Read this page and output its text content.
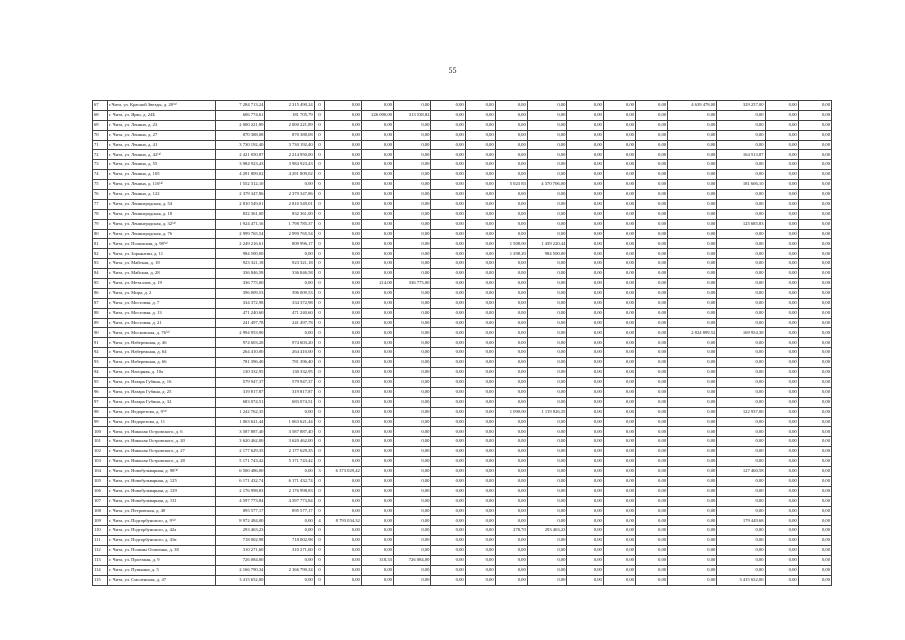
55
67	г.Чита, ул. Красной Звезды, д. 20⁽⁴⁾	7 284 713,24	2 315 490,24	0	0,00	0,00	0,00	0,00	0,00	0,00	0,00	0,00	0,00	0,00	4 639 478,00	329 257,00	0,00	0,00
68	г. Чита, ул. Ярко, д. 24Б	606 774,61	181 705,79	0	0,00	226 000,00	313 538,82	0,00	0,00	0,00	0,00	0,00	0,00	0,00	0,00	0,00	0,00	0,00
69	г. Чита, ул. Ленина, д. 23	2 000 221,89	2 000 221,89	0	0,00	0,00	0,00	0,00	0,00	0,00	0,00	0,00	0,00	0,00	0,00	0,00	0,00	0,00
70	г. Чита, ул. Ленина, д. 27	870 388,08	870 388,08	0	0,00	0,00	0,00	0,00	0,00	0,00	0,00	0,00	0,00	0,00	0,00	0,00	0,00	0,00
71	г. Чита, ул. Ленина, д. 41	3 730 192,40	3 730 192,40	0	0,00	0,00	0,00	0,00	0,00	0,00	0,00	0,00	0,00	0,00	0,00	0,00	0,00	0,00
72	г. Чита, ул. Ленина, д. 42⁽⁴⁾	2 421 050,87	2 214 950,00	0	0,00	0,00	0,00	0,00	0,00	0,00	0,00	0,00	0,00	0,00	0,00	164 513,87	0,00	0,00
73	г. Чита, ул. Ленина, д. 55	3 984 923,43	3 984 923,43	0	0,00	0,00	0,00	0,00	0,00	0,00	0,00	0,00	0,00	0,00	0,00	0,00	0,00	0,00
74	г. Чита, ул. Ленина, д. 105	4 291 809,02	4 291 809,02	0	0,00	0,00	0,00	0,00	0,00	0,00	0,00	0,00	0,00	0,00	0,00	0,00	0,00	0,00
75	г. Чита, ул. Ленина, д. 116⁽⁴⁾	1 552 312,10	0,00	0	0,00	0,00	0,00	0,00	0,00	5 023 83	4 370 706,00	0,00	0,00	0,00	0,00	181 606,10	0,00	0,00
76	г. Чита, ул. Ленина, д. 122	2 379 347,86	2 379 347,86	0	0,00	0,00	0,00	0,00	0,00	0,00	0,00	0,00	0,00	0,00	0,00	0,00	0,00	0,00
77	г. Чита, ул. Ленинградская, д. 54	2 810 549,01	2 810 549,01	0	0,00	0,00	0,00	0,00	0,00	0,00	0,00	0,00	0,00	0,00	0,00	0,00	0,00	0,00
78	г. Чита, ул. Ленинградская, д. 18	832 361,00	832 361,00	0	0,00	0,00	0,00	0,00	0,00	0,00	0,00	0,00	0,00	0,00	0,00	0,00	0,00	0,00
79	г. Чита, ул. Ленинградская, д. 32⁽⁴⁾	1 924 471,16	1 798 785,37	0	0,00	0,00	0,00	0,00	0,00	0,00	0,00	0,00	0,00	0,00	0,00	125 685,83	0,00	0,00
80	г. Чита, ул. Ленинградская, д. 76	2 999 765,54	2 999 765,54	0	0,00	0,00	0,00	0,00	0,00	0,00	0,00	0,00	0,00	0,00	0,00	0,00	0,00	0,00
81	г. Чита, ул. Полинская, д. 98⁽⁴⁾	2 249 216,61	809 996,17	0	0,00	0,00	0,00	0,00	0,00	1 508,00	1 439 220,44	0,00	0,00	0,00	0,00	0,00	0,00	0,00
82	г. Чита, ул. Зорьянтин, д. 11	984 500,00	0,00	0	0,00	0,00	0,00	0,00	0,00	1 298,20	984 500,00	0,00	0,00	0,00	0,00	0,00	0,00	0,00
83	г. Чита, ул. Майская, д. 18	923 321,18	923 321,18	0	0,00	0,00	0,00	0,00	0,00	0,00	0,00	0,00	0,00	0,00	0,00	0,00	0,00	0,00
84	г. Чита, ул. Майская, д. 28	336 846,58	336 846,58	0	0,00	0,00	0,00	0,00	0,00	0,00	0,00	0,00	0,00	0,00	0,00	0,00	0,00	0,00
85	г. Чита, ул. Металлов, д. 19	336 775,00	0,00	0	0,00	214,00	336 775,00	0,00	0,00	0,00	0,00	0,00	0,00	0,00	0,00	0,00	0,00	0,00
86	г. Чита, ул. Мира, д. 2	396 009,53	396 009,53	0	0,00	0,00	0,00	0,00	0,00	0,00	0,00	0,00	0,00	0,00	0,00	0,00	0,00	0,00
87	г. Чита, ул. Мостовая, д. 7	334 372,98	334 372,98	0	0,00	0,00	0,00	0,00	0,00	0,00	0,00	0,00	0,00	0,00	0,00	0,00	0,00	0,00
88	г. Чита, ул. Мостовая, д. 13	471 240,60	471 240,60	0	0,00	0,00	0,00	0,00	0,00	0,00	0,00	0,00	0,00	0,00	0,00	0,00	0,00	0,00
89	г. Чита, ул. Мостовая, д. 21	241 497,78	241 497,78	0	0,00	0,00	0,00	0,00	0,00	0,00	0,00	0,00	0,00	0,00	0,00	0,00	0,00	0,00
90	г. Чита, ул. Московская, д. 76⁽⁴⁾	2 994 953,90	0,00	0	0,00	0,00	0,00	0,00	0,00	0,00	0,00	0,00	0,00	0,00	2 824 899,52	169 954,38	0,00	0,00
91	г. Чита, ул. Набережная, д. 46	974 603,20	974 603,20	0	0,00	0,00	0,00	0,00	0,00	0,00	0,00	0,00	0,00	0,00	0,00	0,00	0,00	0,00
92	г. Чита, ул. Набережная, д. 64	264 410,00	264 410,00	0	0,00	0,00	0,00	0,00	0,00	0,00	0,00	0,00	0,00	0,00	0,00	0,00	0,00	0,00
93	г. Чита, ул. Набережная, д. 66	781 396,40	781 396,40	0	0,00	0,00	0,00	0,00	0,00	0,00	0,00	0,00	0,00	0,00	0,00	0,00	0,00	0,00
94	г. Чита, ул. Нагорная, д. 10а	130 332,95	130 332,95	0	0,00	0,00	0,00	0,00	0,00	0,00	0,00	0,00	0,00	0,00	0,00	0,00	0,00	0,00
95	г. Чита, ул. Назара Губина, д. 16	579 947,37	579 947,37	0	0,00	0,00	0,00	0,00	0,00	0,00	0,00	0,00	0,00	0,00	0,00	0,00	0,00	0,00
96	г. Чита, ул. Назара Губина, д. 25	319 817,87	319 817,87	0	0,00	0,00	0,00	0,00	0,00	0,00	0,00	0,00	0,00	0,00	0,00	0,00	0,00	0,00
97	г. Чита, ул. Назара Губина, д. 32	683 074,51	683 074,51	0	0,00	0,00	0,00	0,00	0,00	0,00	0,00	0,00	0,00	0,00	0,00	0,00	0,00	0,00
98	г. Чита, ул. Недорезова, д. 9⁽⁴⁾	1 242 762,35	0,00	0	0,00	0,00	0,00	0,00	0,00	1 090,00	1 119 826,35	0,00	0,00	0,00	0,00	122 937,00	0,00	0,00
99	г. Чита, ул. Недорезова, д. 11	1 063 621,44	1 063 621,44	0	0,00	0,00	0,00	0,00	0,00	0,00	0,00	0,00	0,00	0,00	0,00	0,00	0,00	0,00
100	г. Чита, ул. Николая Островского, д. 6	3 587 887,40	3 587 887,40	0	0,00	0,00	0,00	0,00	0,00	0,00	0,00	0,00	0,00	0,00	0,00	0,00	0,00	0,00
101	г. Чита, ул. Николая Островского, д. 20	3 620 462,00	3 620 462,00	0	0,00	0,00	0,00	0,00	0,00	0,00	0,00	0,00	0,00	0,00	0,00	0,00	0,00	0,00
102	г. Чита, ул. Николая Островского, д. 27	2 177 629,35	2 177 629,35	0	0,00	0,00	0,00	0,00	0,00	0,00	0,00	0,00	0,00	0,00	0,00	0,00	0,00	0,00
103	г. Чита, ул. Николая Островского, д. 28	5 171 743,42	5 171 743,42	0	0,00	0,00	0,00	0,00	0,00	0,00	0,00	0,00	0,00	0,00	0,00	0,00	0,00	0,00
104	г. Чита, ул. Новобульварная, д. 98⁽⁴⁾	6 500 486,00	0,00	3	6 373 029,42	0,00	0,00	0,00	0,00	0,00	0,00	0,00	0,00	0,00	0,00	127 460,58	0,00	0,00
105	г. Чита, ул. Новобульварная, д. 125	6 171 432,74	6 171 432,74	0	0,00	0,00	0,00	0,00	0,00	0,00	0,00	0,00	0,00	0,00	0,00	0,00	0,00	0,00
106	г. Чита, ул. Новобульварная, д. 129	2 176 998,83	2 176 998,83	0	0,00	0,00	0,00	0,00	0,00	0,00	0,00	0,00	0,00	0,00	0,00	0,00	0,00	0,00
107	г. Чита, ул. Новобульварная, д. 131	4 597 773,84	4 597 773,84	0	0,00	0,00	0,00	0,00	0,00	0,00	0,00	0,00	0,00	0,00	0,00	0,00	0,00	0,00
108	г. Чита, ул. Петровская, д. 40	895 577,17	895 577,17	0	0,00	0,00	0,00	0,00	0,00	0,00	0,00	0,00	0,00	0,00	0,00	0,00	0,00	0,00
109	г. Чита, ул. Подгорбунского, д. 9⁽⁴⁾	8 972 484,00	0,00	4	8 793 034,32	0,00	0,00	0,00	0,00	0,00	0,00	0,00	0,00	0,00	0,00	179 449,68	0,00	0,00
110	г. Чита, ул. Подгорбунского, д. 42а	293 463,23	0,00	0	0,00	0,00	0,00	0,00	0,00	278,70	293 463,23	0,00	0,00	0,00	0,00	0,00	0,00	0,00
111	г. Чита, ул. Подгорбунского, д. 41в	718 002,98	718 002,98	0	0,00	0,00	0,00	0,00	0,00	0,00	0,00	0,00	0,00	0,00	0,00	0,00	0,00	0,00
112	г. Чита, ул. Полины Осипенко, д. 38	310 271,60	310 271,60	0	0,00	0,00	0,00	0,00	0,00	0,00	0,00	0,00	0,00	0,00	0,00	0,00	0,00	0,00
113	г. Чита, ул. Проезжая, д. 9	726 084,00	0,00	0	0,00	318,33	726 084,00	0,00	0,00	0,00	0,00	0,00	0,00	0,00	0,00	0,00	0,00	0,00
114	г. Чита, ул. Пушкина, д. 5	2 166 790,34	2 166 790,34	0	0,00	0,00	0,00	0,00	0,00	0,00	0,00	0,00	0,00	0,00	0,00	0,00	0,00	0,00
115	г. Чита, ул. Смоленская, д. 47	3 415 652,00	0,00	0	0,00	0,00	0,00	0,00	0,00	0,00	0,00	0,00	0,00	0,00	0,00	3 415 652,00	0,00	0,00
